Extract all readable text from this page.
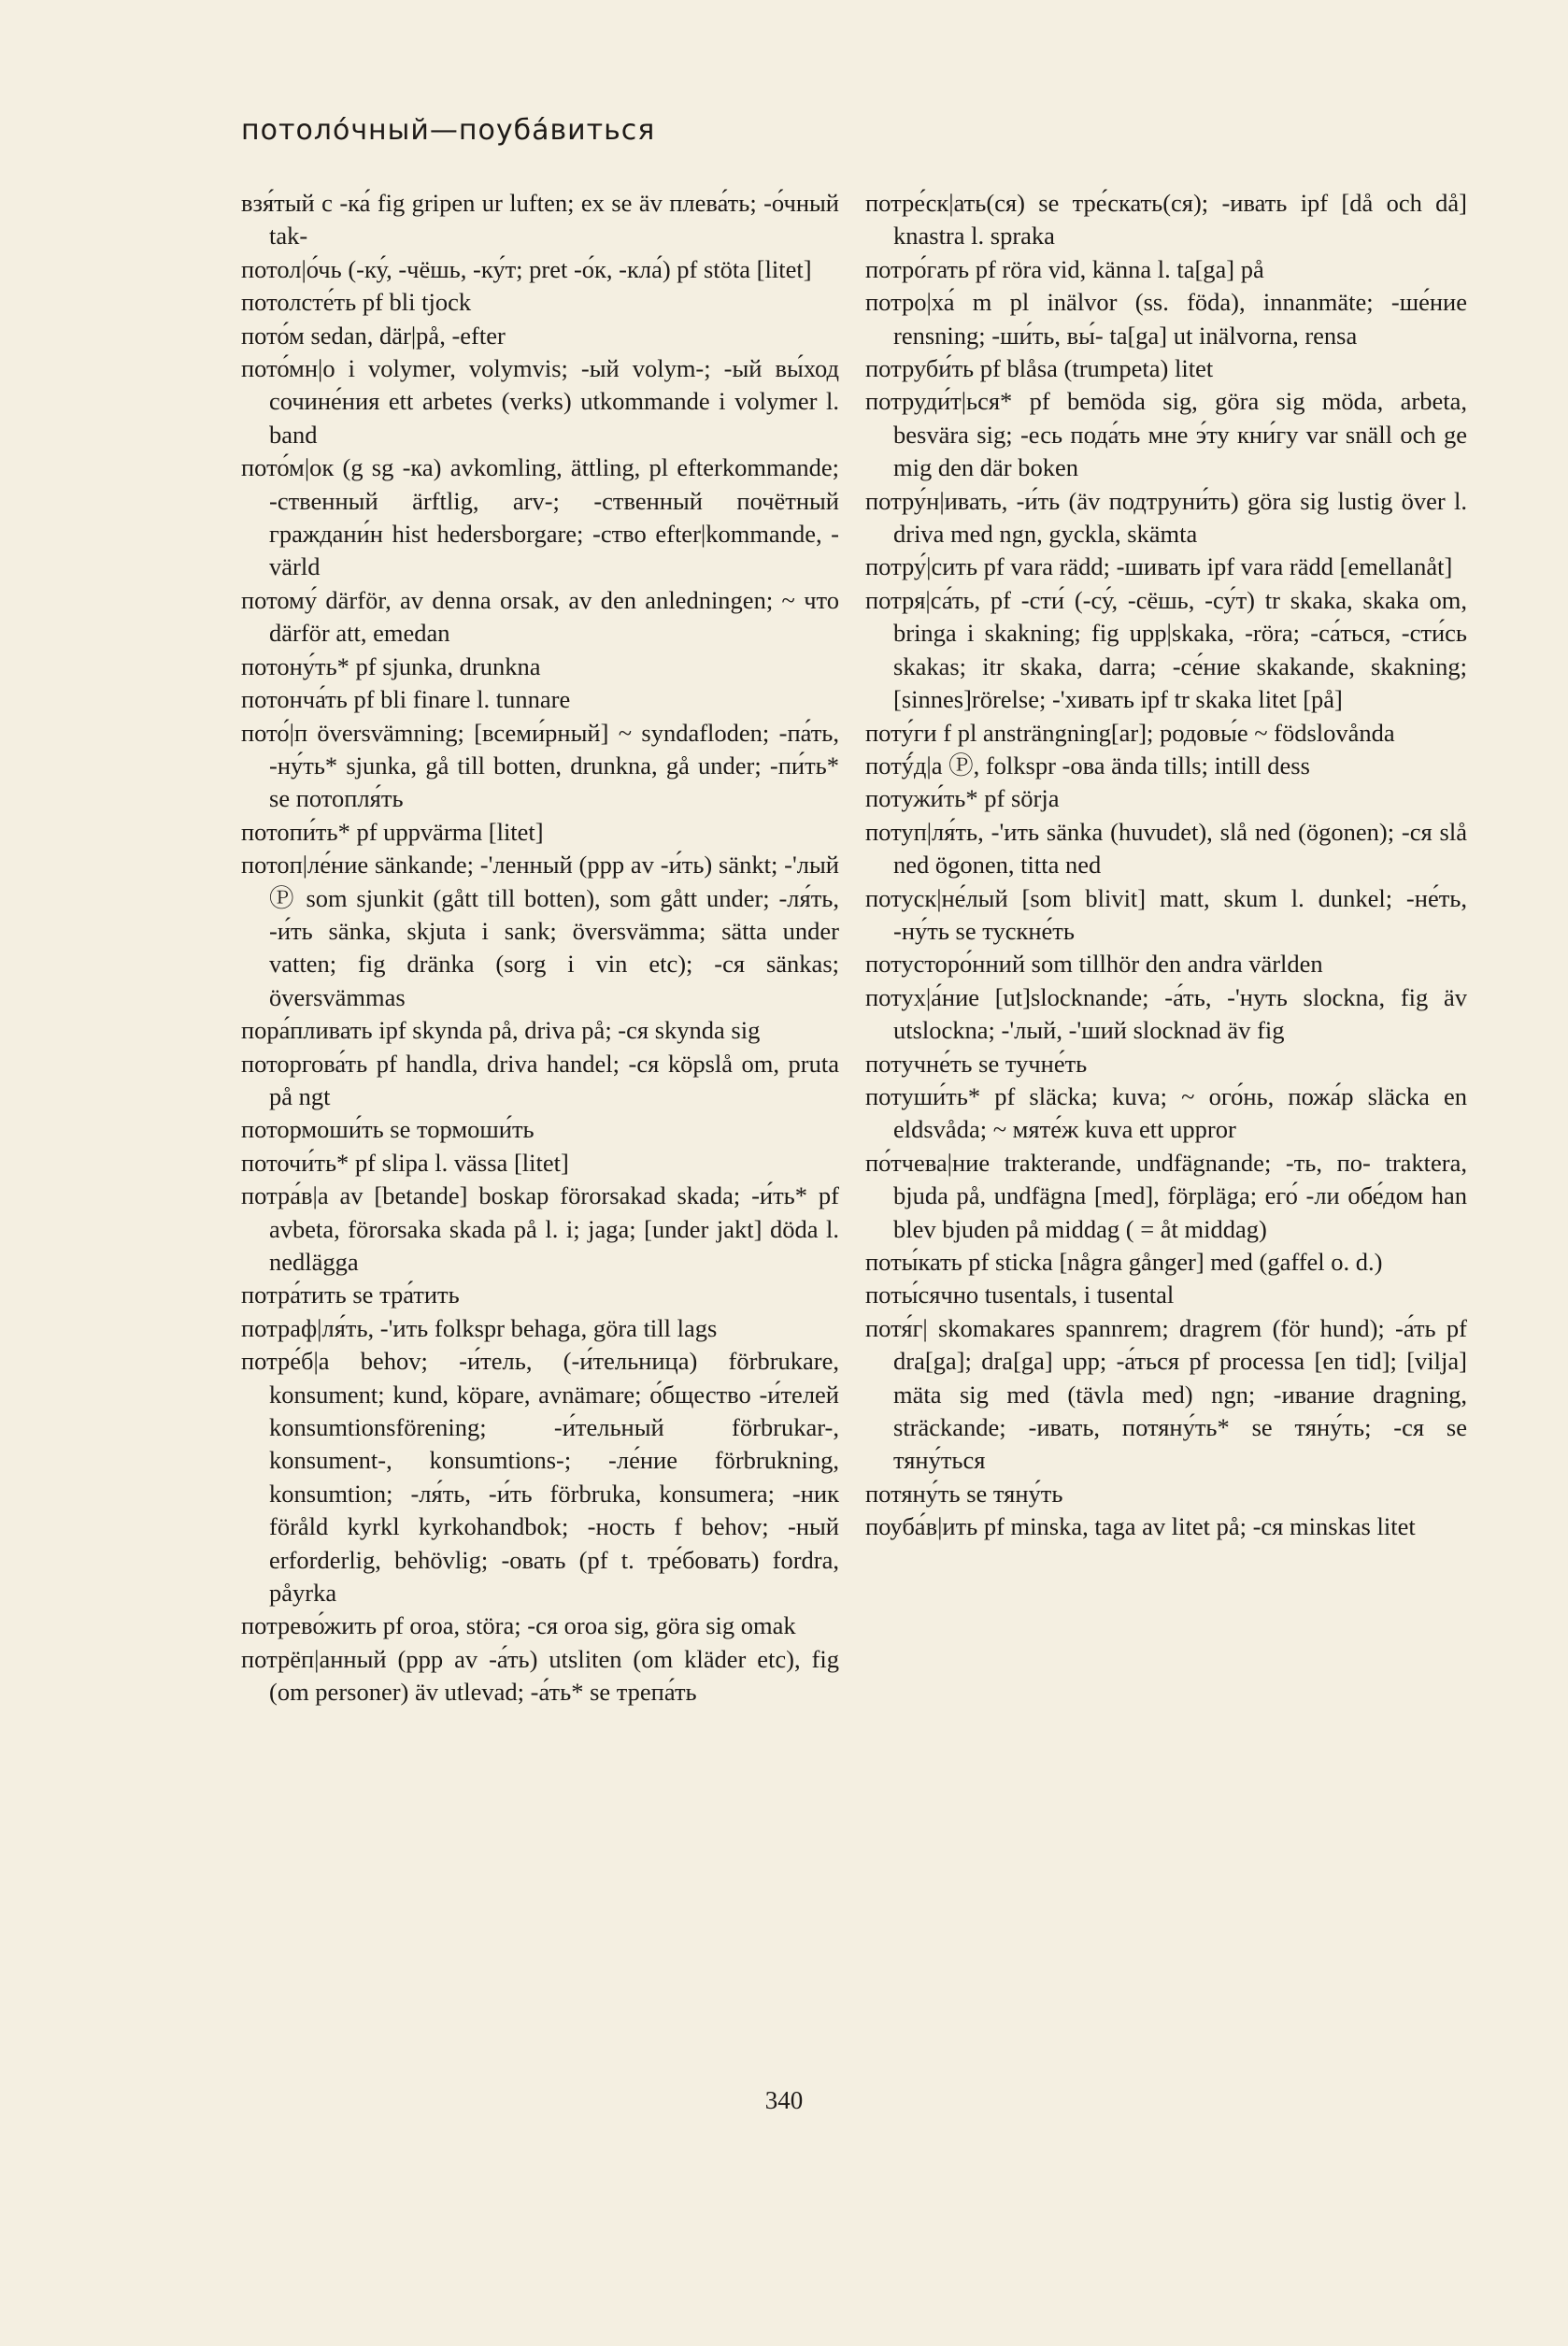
потоло́чный—поуба́виться

взя́тый с -ка́ fig gripen ur luften; ex se äv плева́ть; -о́чный tak-

потол|о́чь (-ку́, -чёшь, -ку́т; pret -о́к, -кла́) pf stöta [litet]

потолсте́ть pf bli tjock

пото́м sedan, där|på, -efter

пото́мн|о i volymer, volymvis; -ый volym-; -ый вы́ход сочине́ния ett arbetes (verks) utkommande i volymer l. band

пото́м|ок (g sg -ка) avkomling, ättling, pl efterkommande; -ственный ärftlig, arv-; -ственный почётный граждани́н hist hedersborgare; -ство efter|kommande, -värld

потому́ därför, av denna orsak, av den anledningen; ~ что därför att, emedan

потону́ть* pf sjunka, drunkna

потонча́ть pf bli finare l. tunnare

пото́|п översvämning; [всеми́рный] ~ syndafloden; -па́ть, -ну́ть* sjunka, gå till botten, drunkna, gå under; -пи́ть* se потопля́ть

потопи́ть* pf uppvärma [litet]

потоп|ле́ние sänkande; -'ленный (ppp av -и́ть) sänkt; -'лый Ⓟ som sjunkit (gått till botten), som gått under; -ля́ть, -и́ть sänka, skjuta i sank; översvämma; sätta under vatten; fig dränka (sorg i vin etc); -ся sänkas; översvämmas

пора́пливать ipf skynda på, driva på; -ся skynda sig

поторгова́ть pf handla, driva handel; -ся köpslå om, pruta på ngt

потормоши́ть se тормоши́ть

поточи́ть* pf slipa l. vässa [litet]

потра́в|а av [betande] boskap förorsakad skada; -и́ть* pf avbeta, förorsaka skada på l. i; jaga; [under jakt] döda l. nedlägga

потра́тить se тра́тить

потраф|ля́ть, -'ить folkspr behaga, göra till lags

потре́б|а behov; -и́тель, (-и́тельница) förbrukare, konsument; kund, köpare, avnämare; о́бщество -и́телей konsumtionsförening; -и́тельный förbrukar-, konsument-, konsumtions-; -ле́ние förbrukning, konsumtion; -ля́ть, -и́ть förbruka, konsumera; -ник föråld kyrkl kyrkohandbok; -ность f behov; -ный erforderlig, behövlig; -овать (pf t. тре́бовать) fordra, påyrka

потрево́жить pf oroa, störa; -ся oroa sig, göra sig omak

потрёп|анный (ppp av -а́ть) utsliten (om kläder etc), fig (om personer) äv utlevad; -а́ть* se трепа́ть

потре́ск|ать(ся) se тре́скать(ся); -ивать ipf [då och då] knastra l. spraka

потро́гать pf röra vid, känna l. ta[ga] på

потро|ха́ m pl inälvor (ss. föda), innanmäte; -ше́ние rensning; -ши́ть, вы́- ta[ga] ut inälvorna, rensa

потруби́ть pf blåsa (trumpeta) litet

потруди́т|ься* pf bemöda sig, göra sig möda, arbeta, besvära sig; -есь пода́ть мне э́ту кни́гу var snäll och ge mig den där boken

потру́н|ивать, -и́ть (äv подтруни́ть) göra sig lustig över l. driva med ngn, gyckla, skämta

потру́|сить pf vara rädd; -шивать ipf vara rädd [emellanåt]

потря|са́ть, pf -сти́ (-су́, -сёшь, -су́т) tr skaka, skaka om, bringa i skakning; fig upp|skaka, -röra; -са́ться, -сти́сь skakas; itr skaka, darra; -се́ние skakande, skakning; [sinnes]rörelse; -'хивать ipf tr skaka litet [på]

поту́ги f pl ansträngning[ar]; родовы́е ~ födslovånda

потý́д|а Ⓟ, folkspr -ова ända tills; intill dess

потужи́ть* pf sörja

потуп|ля́ть, -'ить sänka (huvudet), slå ned (ögonen); -ся slå ned ögonen, titta ned

потуск|не́лый [som blivit] matt, skum l. dunkel; -не́ть, -ну́ть se тускне́ть

потусторо́нний som tillhör den andra världen

потух|а́ние [ut]slocknande; -а́ть, -'нуть slockna, fig äv utslockna; -'лый, -'ший slocknad äv fig

потучне́ть se тучне́ть

потуши́ть* pf släcka; kuva; ~ ого́нь, пожа́р släcka en eldsvåda; ~ мяте́ж kuva ett uppror

по́тчева|ние trakterande, undfägnande; -ть, по- traktera, bjuda på, undfägna [med], förpläga; его́ -ли обе́дом han blev bjuden på middag ( = åt middag)

поты́кать pf sticka [några gånger] med (gaffel o. d.)

поты́сячно tusentals, i tusental

потя́г| skomakares spannrem; dragrem (för hund); -а́ть pf dra[ga]; dra[ga] upp; -а́ться pf processa [en tid]; [vilja] mäta sig med (tävla med) ngn; -ивание dragning, sträckande; -ивать, потяну́ть* se тяну́ть; -ся se тяну́ться

потяну́ть se тяну́ть

поуба́в|ить pf minska, taga av litet på; -ся minskas litet

340
